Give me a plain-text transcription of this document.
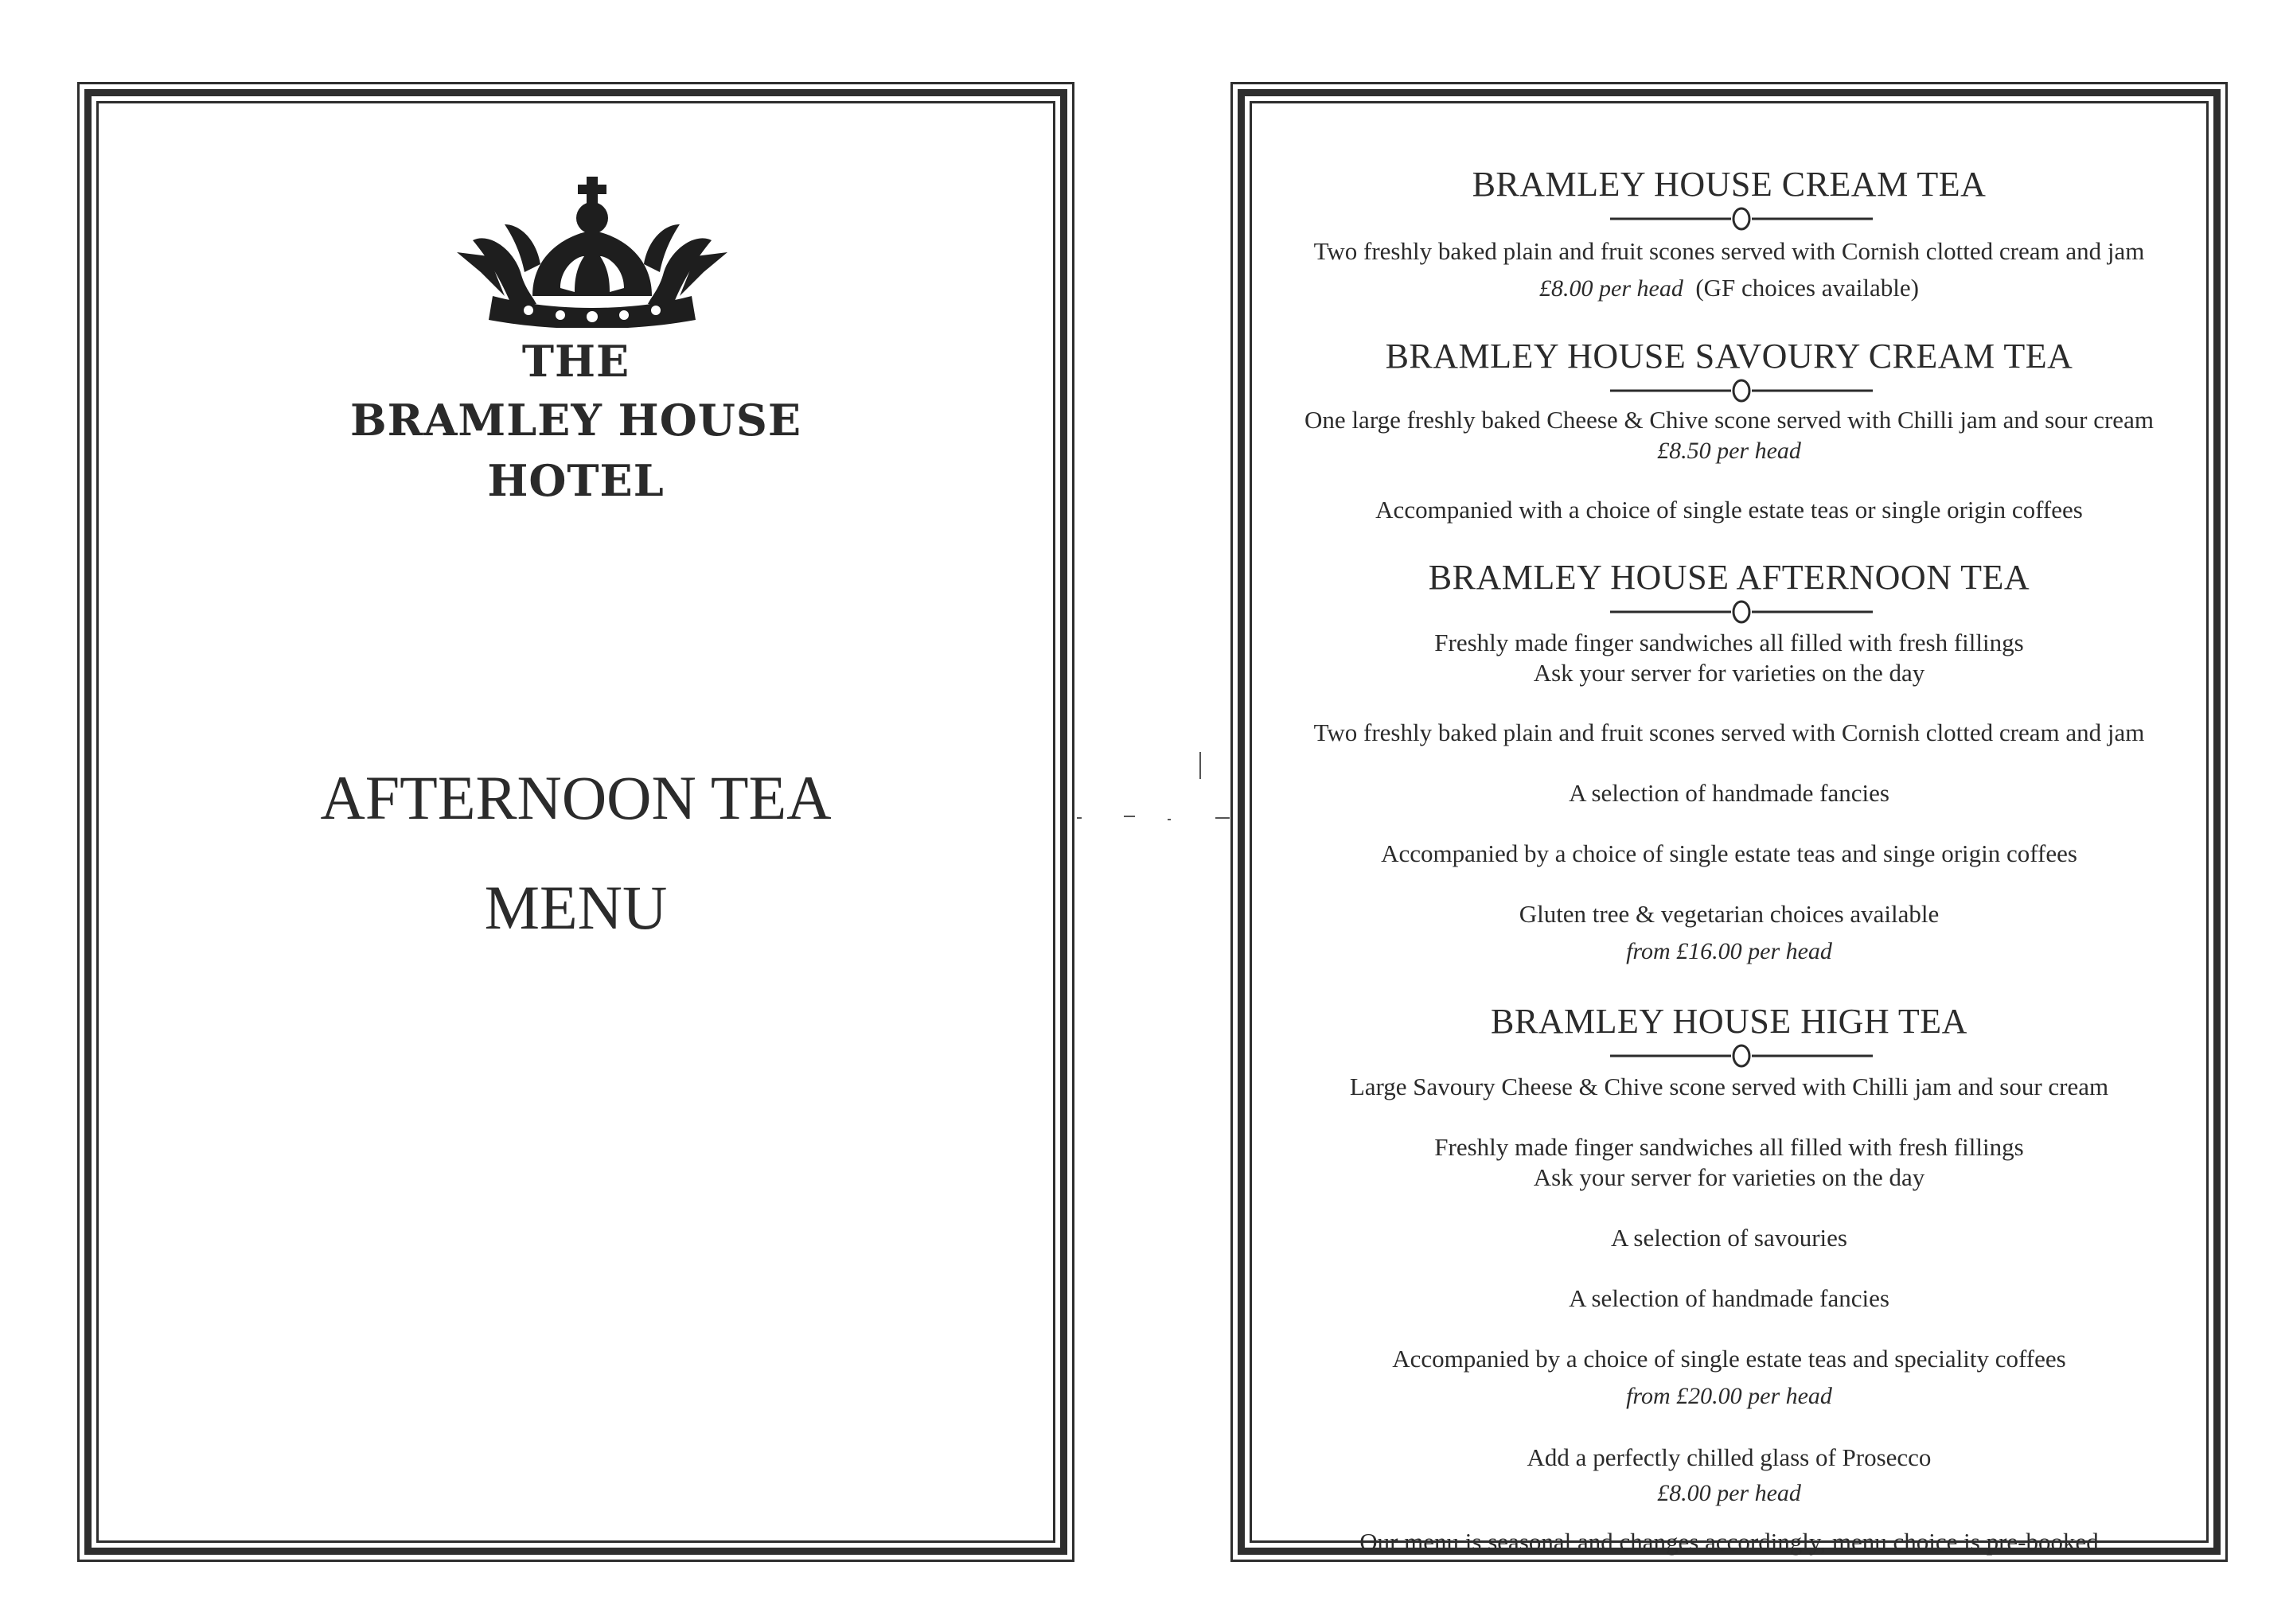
THE
BRAMLEY HOUSE
HOTEL
AFTERNOON TEA
MENU
BRAMLEY HOUSE CREAM TEA
Two freshly baked plain and fruit scones served with Cornish clotted cream and jam
£8.00 per head (GF choices available)
BRAMLEY HOUSE SAVOURY CREAM TEA
One large freshly baked Cheese & Chive scone served with Chilli jam and sour cream
£8.50 per head
Accompanied with a choice of single estate teas or single origin coffees
BRAMLEY HOUSE AFTERNOON TEA
Freshly made finger sandwiches all filled with fresh fillings
Ask your server for varieties on the day
Two freshly baked plain and fruit scones served with Cornish clotted cream and jam
A selection of handmade fancies
Accompanied by a choice of single estate teas and singe origin coffees
Gluten tree & vegetarian choices available
from £16.00 per head
BRAMLEY HOUSE HIGH TEA
Large Savoury Cheese & Chive scone served with Chilli jam and sour cream
Freshly made finger sandwiches all filled with fresh fillings
Ask your server for varieties on the day
A selection of savouries
A selection of handmade fancies
Accompanied by a choice of single estate teas and speciality coffees
from £20.00 per head
Add a perfectly chilled glass of Prosecco
£8.00 per head
Our menu is seasonal and changes accordingly, menu choice is pre-booked
